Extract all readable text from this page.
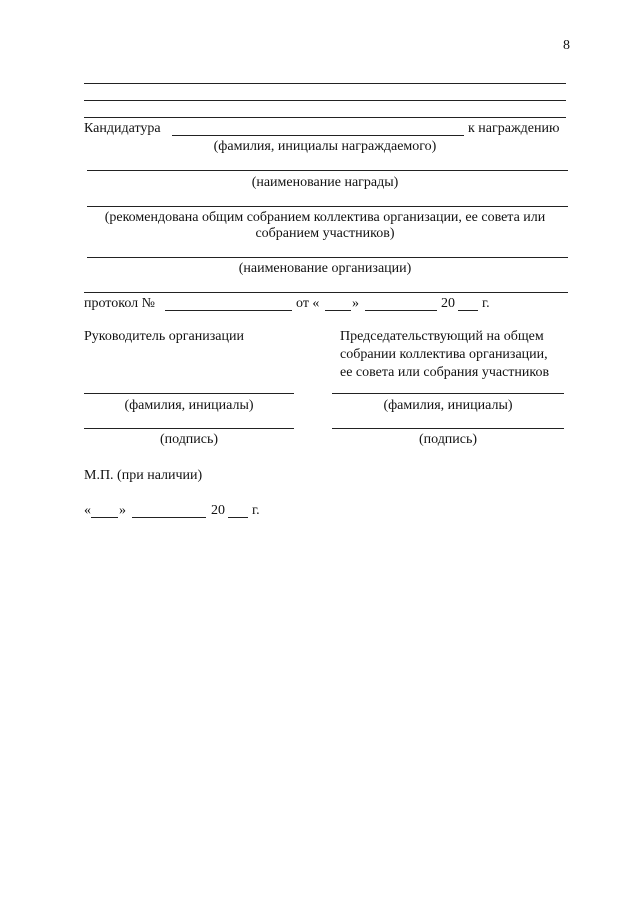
8
Кандидатура	к награждению
(фамилия, инициалы награждаемого)
(наименование награды)
(рекомендована общим собранием коллектива организации, ее совета или
собранием участников)
(наименование организации)
протокол №	от « »	20 г.
Руководитель организации	Председательствующий на общем
собрании коллектива организации,
ее совета или собрания участников
(фамилия, инициалы)	(фамилия, инициалы)
(подпись)	(подпись)
М.П. (при наличии)
« »	20 г.
